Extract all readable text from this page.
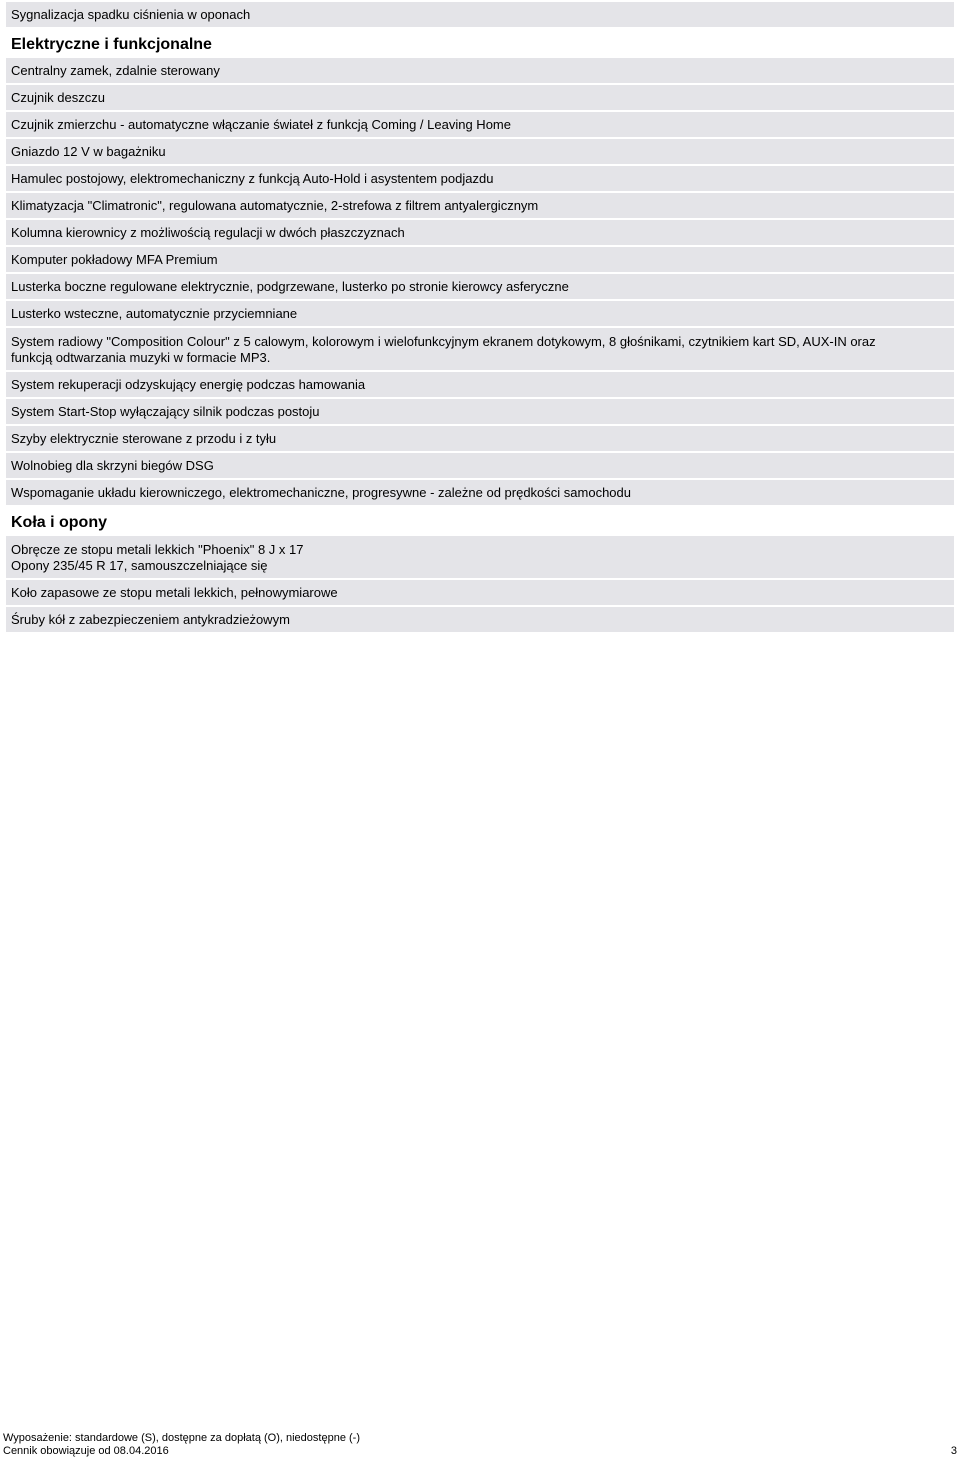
Sygnalizacja spadku ciśnienia w oponach
Elektryczne i funkcjonalne
Centralny zamek, zdalnie sterowany
Czujnik deszczu
Czujnik zmierzchu - automatyczne włączanie świateł z funkcją Coming / Leaving Home
Gniazdo 12 V w bagażniku
Hamulec postojowy, elektromechaniczny z funkcją Auto-Hold i asystentem podjazdu
Klimatyzacja "Climatronic", regulowana automatycznie, 2-strefowa z filtrem antyalergicznym
Kolumna kierownicy z możliwością regulacji w dwóch płaszczyznach
Komputer pokładowy MFA Premium
Lusterka boczne regulowane elektrycznie, podgrzewane, lusterko po stronie kierowcy asferyczne
Lusterko wsteczne, automatycznie przyciemniane
System radiowy "Composition Colour" z 5 calowym, kolorowym i wielofunkcyjnym ekranem dotykowym, 8 głośnikami, czytnikiem kart SD, AUX-IN oraz
funkcją odtwarzania muzyki w formacie MP3.
System rekuperacji odzyskujący energię podczas hamowania
System Start-Stop wyłączający silnik podczas postoju
Szyby elektrycznie sterowane z przodu i z tyłu
Wolnobieg dla skrzyni biegów DSG
Wspomaganie układu kierowniczego, elektromechaniczne, progresywne - zależne od prędkości samochodu
Koła i opony
Obręcze ze stopu metali lekkich "Phoenix" 8 J x 17
Opony 235/45 R 17, samouszczelniające się
Koło zapasowe ze stopu metali lekkich, pełnowymiarowe
Śruby kół z zabezpieczeniem antykradzieżowym
Wyposażenie: standardowe (S), dostępne za dopłatą (O), niedostępne (-)
Cennik obowiązuje od 08.04.2016	3
